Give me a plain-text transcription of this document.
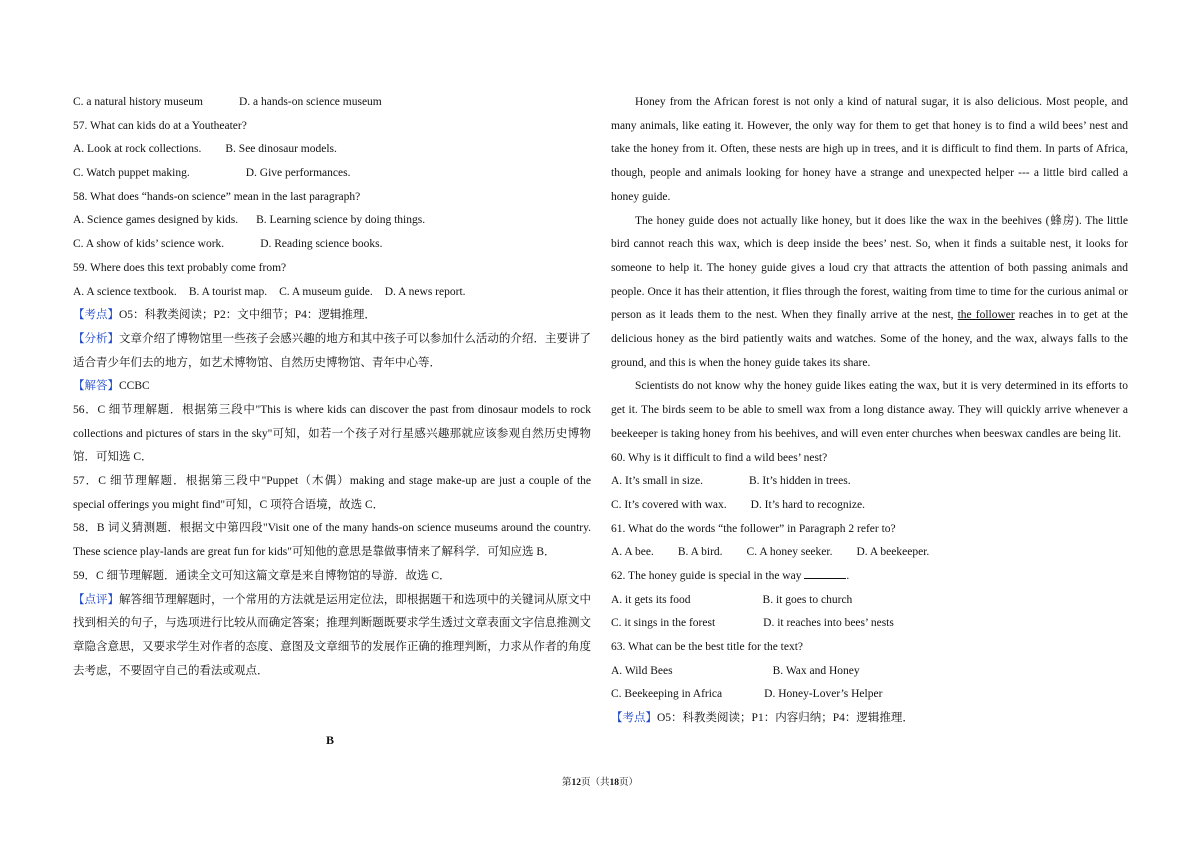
C. a natural history museum	D. a hands-on science museum
57. What can kids do at a Youtheater?
A. Look at rock collections. B. See dinosaur models.
C. Watch puppet making.	D. Give performances.
58. What does “hands-on science” mean in the last paragraph?
A. Science games designed by kids. B. Learning science by doing things.
C. A show of kids’ science work.	D. Reading science books.
59. Where does this text probably come from?
A. A science textbook. B. A tourist map. C. A museum guide. D. A news report.
【考点】O5：科教类阅读；P2：文中细节；P4：逻辑推理．
【分析】文章介绍了博物馆里一些孩子会感兴趣的地方和其中孩子可以参加什么活动的介绍．主要讲了适合青少年们去的地方，如艺术博物馆、自然历史博物馆、青年中心等．
【解答】CCBC
56．C 细节理解题．根据第三段中"This is where kids can discover the past from dinosaur models to rock collections and pictures of stars in the sky"可知，如若一个孩子对行星感兴趣那就应该参观自然历史博物馆．可知选 C．
57．C 细节理解题．根据第三段中"Puppet（木偶）making and stage make-up are just a couple of the special offerings you might find"可知，C 项符合语境，故选 C．
58．B 词义猜测题．根据文中第四段"Visit one of the many hands-on science museums around the country. These science play-lands are great fun for kids"可知他的意思是靠做事情来了解科学．可知应选 B．
59．C 细节理解题．通读全文可知这篇文章是来自博物馆的导游．故选 C．
【点评】解答细节理解题时，一个常用的方法就是运用定位法，即根据题干和选项中的关键词从原文中找到相关的句子，与选项进行比较从而确定答案；推理判断题既要求学生透过文章表面文字信息推测文章隐含意思，又要求学生对作者的态度、意图及文章细节的发展作正确的推理判断，力求从作者的角度去考虑，不要固守自己的看法或观点．
B
Honey from the African forest is not only a kind of natural sugar, it is also delicious. Most people, and many animals, like eating it. However, the only way for them to get that honey is to find a wild bees’ nest and take the honey from it. Often, these nests are high up in trees, and it is difficult to find them. In parts of Africa, though, people and animals looking for honey have a strange and unexpected helper --- a little bird called a honey guide.
The honey guide does not actually like honey, but it does like the wax in the beehives (蜂房). The little bird cannot reach this wax, which is deep inside the bees’ nest. So, when it finds a suitable nest, it looks for someone to help it. The honey guide gives a loud cry that attracts the attention of both passing animals and people. Once it has their attention, it flies through the forest, waiting from time to time for the curious animal or person as it leads them to the nest. When they finally arrive at the nest, the follower reaches in to get at the delicious honey as the bird patiently waits and watches. Some of the honey, and the wax, always falls to the ground, and this is when the honey guide takes its share.
Scientists do not know why the honey guide likes eating the wax, but it is very determined in its efforts to get it. The birds seem to be able to smell wax from a long distance away. They will quickly arrive whenever a beekeeper is taking honey from his beehives, and will even enter churches when beeswax candles are being lit.
60. Why is it difficult to find a wild bees’ nest?
A. It’s small in size.	B. It’s hidden in trees.
C. It’s covered with wax. D. It’s hard to recognize.
61. What do the words “the follower” in Paragraph 2 refer to?
A. A bee. B. A bird. C. A honey seeker. D. A beekeeper.
62. The honey guide is special in the way	.
A. it gets its food	B. it goes to church
C. it sings in the forest	D. it reaches into bees’ nests
63. What can be the best title for the text?
A. Wild Bees	B. Wax and Honey
C. Beekeeping in Africa	D. Honey-Lover’s Helper
【考点】O5：科教类阅读；P1：内容归纳；P4：逻辑推理．
第12页（共18页）
